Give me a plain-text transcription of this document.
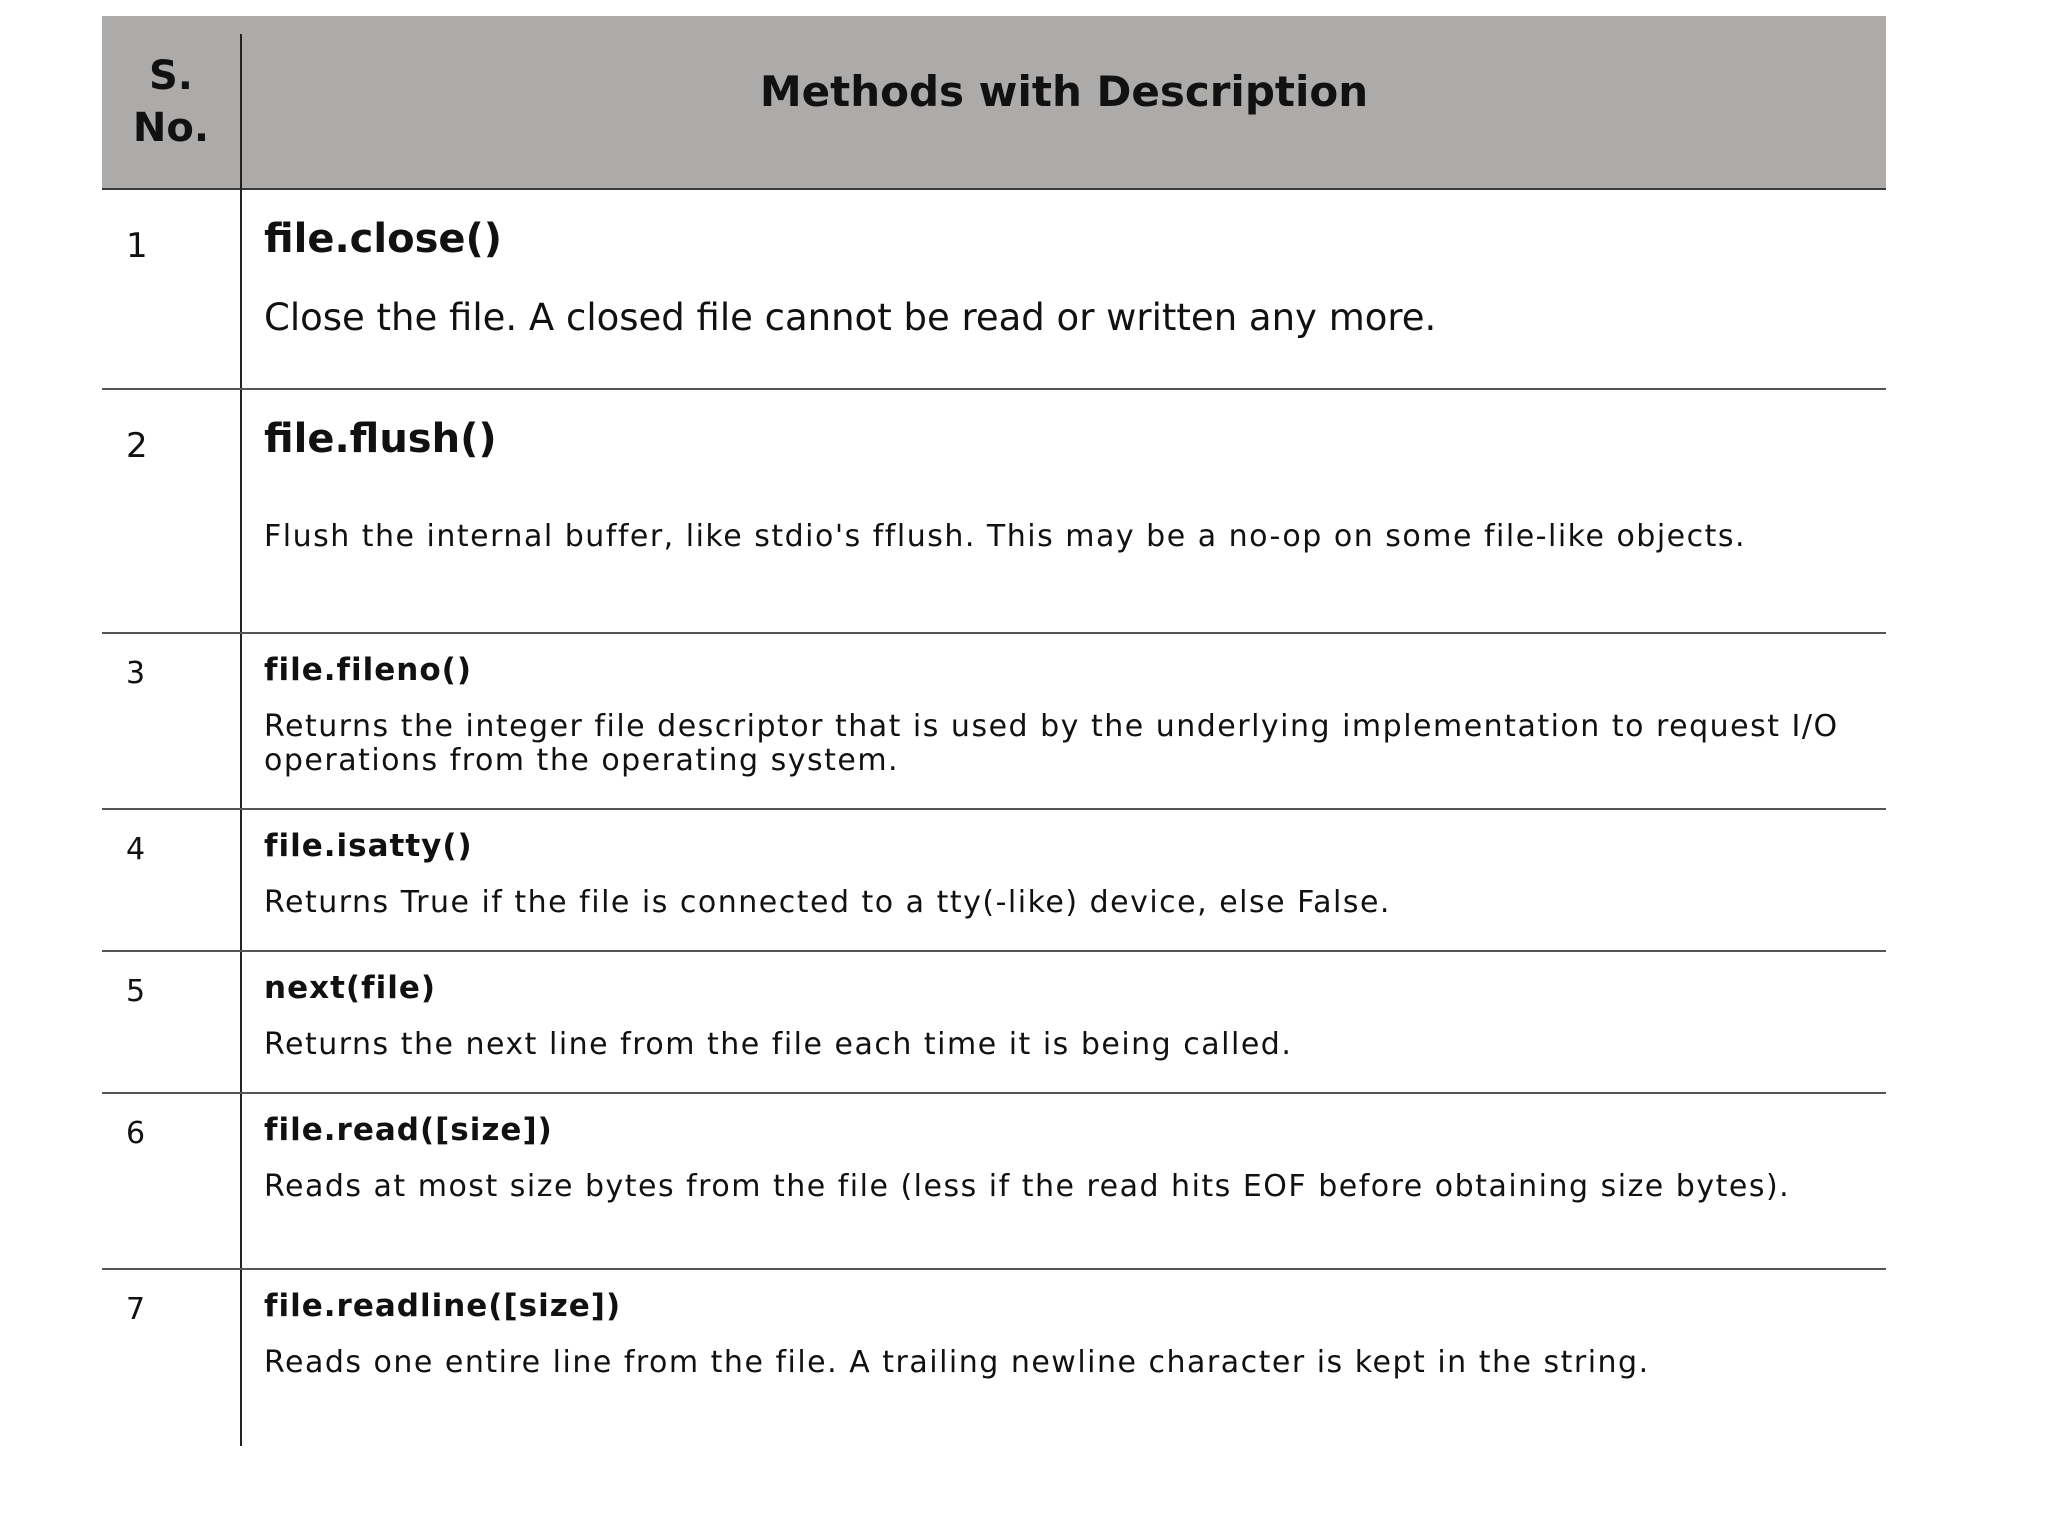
S.
No.
Methods with Description
1	file.close()
Close the file. A closed file cannot be read or written any more.
2	file.flush()
Flush the internal buffer, like stdio's fflush. This may be a no-op on some file-like objects.
3	file.fileno()
Returns the integer file descriptor that is used by the underlying implementation to request I/O operations from the operating system.
4	file.isatty()
Returns True if the file is connected to a tty(-like) device, else False.
5	next(file)
Returns the next line from the file each time it is being called.
6	file.read([size])
Reads at most size bytes from the file (less if the read hits EOF before obtaining size bytes).
7	file.readline([size])
Reads one entire line from the file. A trailing newline character is kept in the string.
